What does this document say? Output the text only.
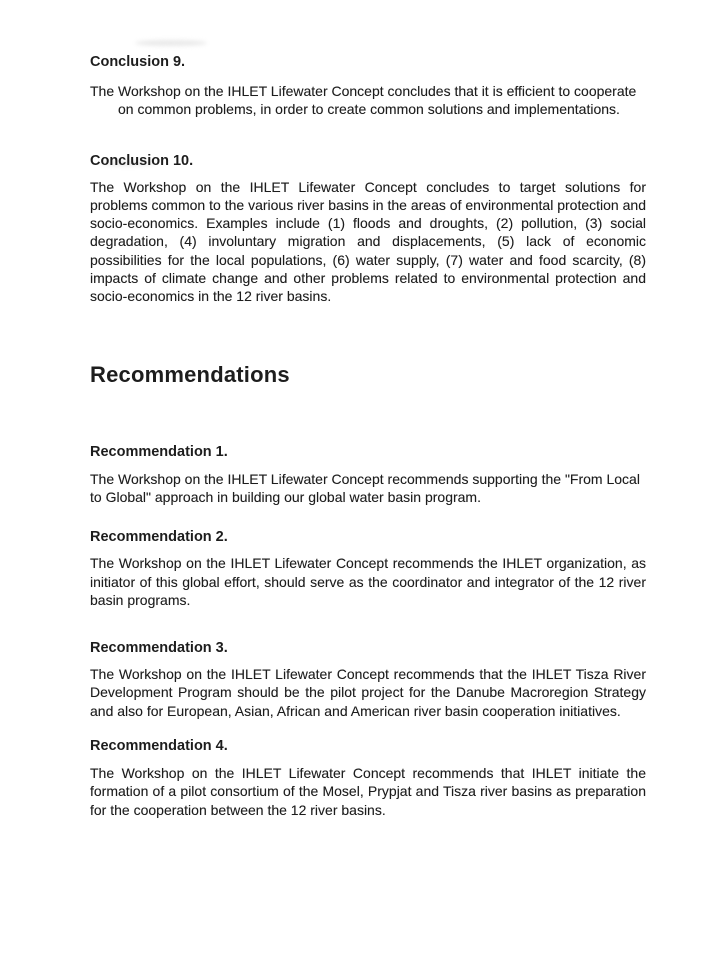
Conclusion 9.
The Workshop on the IHLET Lifewater Concept concludes that it is efficient to cooperate on common problems, in order to create common solutions and implementations.
Conclusion 10.
The Workshop on the IHLET Lifewater Concept concludes to target solutions for problems common to the various river basins in the areas of environmental protection and socio-economics. Examples include (1) floods and droughts, (2) pollution, (3) social degradation, (4) involuntary migration and displacements, (5) lack of economic possibilities for the local populations, (6) water supply, (7) water and food scarcity, (8) impacts of climate change and other problems related to environmental protection and socio-economics in the 12 river basins.
Recommendations
Recommendation 1.
The Workshop on the IHLET Lifewater Concept recommends supporting the "From Local to Global" approach in building our global water basin program.
Recommendation 2.
The Workshop on the IHLET Lifewater Concept recommends the IHLET organization, as initiator of this global effort, should serve as the coordinator and integrator of the 12 river basin programs.
Recommendation 3.
The Workshop on the IHLET Lifewater Concept recommends that the IHLET Tisza River Development Program should be the pilot project for the Danube Macroregion Strategy and also for European, Asian, African and American river basin cooperation initiatives.
Recommendation 4.
The Workshop on the IHLET Lifewater Concept recommends that IHLET initiate the formation of a pilot consortium of the Mosel, Prypjat and Tisza river basins as preparation for the cooperation between the 12 river basins.
